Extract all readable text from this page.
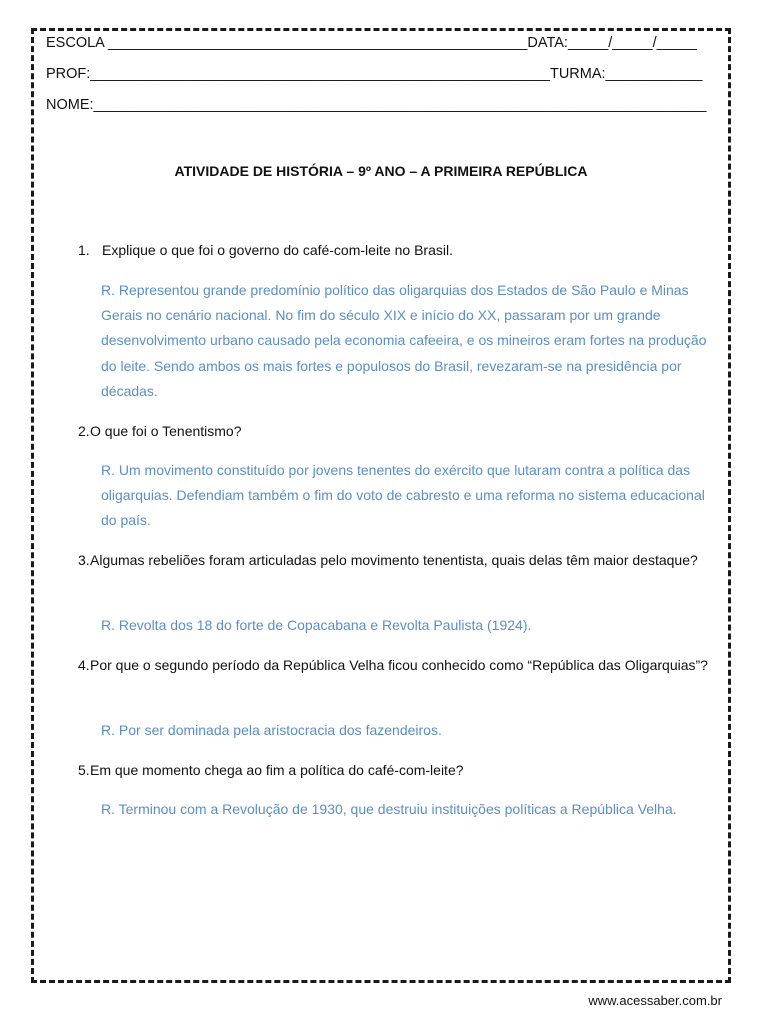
ESCOLA ____________________________________________________DATA:_____/_____/_____
PROF:_________________________________________________________TURMA:____________
NOME:____________________________________________________________________________
ATIVIDADE DE HISTÓRIA – 9º ANO – A PRIMEIRA REPÚBLICA
1. Explique o que foi o governo do café-com-leite no Brasil.
R. Representou grande predomínio político das oligarquias dos Estados de São Paulo e Minas Gerais no cenário nacional. No fim do século XIX e início do XX, passaram por um grande desenvolvimento urbano causado pela economia cafeeira, e os mineiros eram fortes na produção do leite. Sendo ambos os mais fortes e populosos do Brasil, revezaram-se na presidência por décadas.
2. O que foi o Tenentismo?
R. Um movimento constituído por jovens tenentes do exército que lutaram contra a política das oligarquias. Defendiam também o fim do voto de cabresto e uma reforma no sistema educacional do país.
3. Algumas rebeliões foram articuladas pelo movimento tenentista, quais delas têm maior destaque?
R. Revolta dos 18 do forte de Copacabana e Revolta Paulista (1924).
4. Por que o segundo período da República Velha ficou conhecido como “República das Oligarquias”?
R. Por ser dominada pela aristocracia dos fazendeiros.
5. Em que momento chega ao fim a política do café-com-leite?
R. Terminou com a Revolução de 1930, que destruiu instituições políticas a República Velha.
www.acessaber.com.br
